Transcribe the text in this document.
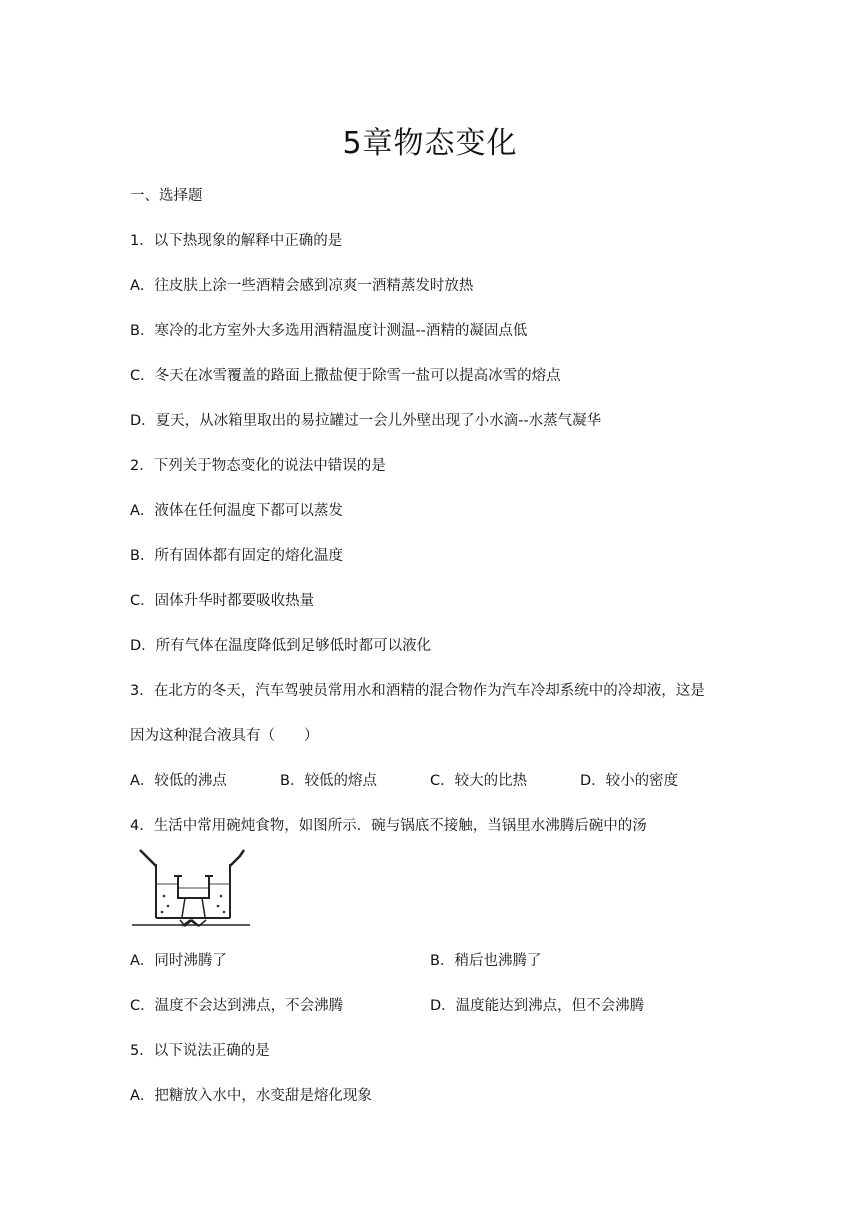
5章物态变化
一、选择题
1．以下热现象的解释中正确的是
A．往皮肤上涂一些酒精会感到凉爽一酒精蒸发时放热
B．寒冷的北方室外大多选用酒精温度计测温--酒精的凝固点低
C．冬天在冰雪覆盖的路面上撒盐便于除雪一盐可以提高冰雪的熔点
D．夏天，从冰箱里取出的易拉罐过一会儿外壁出现了小水滴--水蒸气凝华
2．下列关于物态变化的说法中错误的是
A．液体在任何温度下都可以蒸发
B．所有固体都有固定的熔化温度
C．固体升华时都要吸收热量
D．所有气体在温度降低到足够低时都可以液化
3．在北方的冬天，汽车驾驶员常用水和酒精的混合物作为汽车冷却系统中的冷却液，这是
因为这种混合液具有（　　）
A．较低的沸点	B．较低的熔点	C．较大的比热	D．较小的密度
4．生活中常用碗炖食物，如图所示．碗与锅底不接触，当锅里水沸腾后碗中的汤
A．同时沸腾了	B．稍后也沸腾了
C．温度不会达到沸点，不会沸腾	D．温度能达到沸点，但不会沸腾
5．以下说法正确的是
A．把糖放入水中，水变甜是熔化现象
